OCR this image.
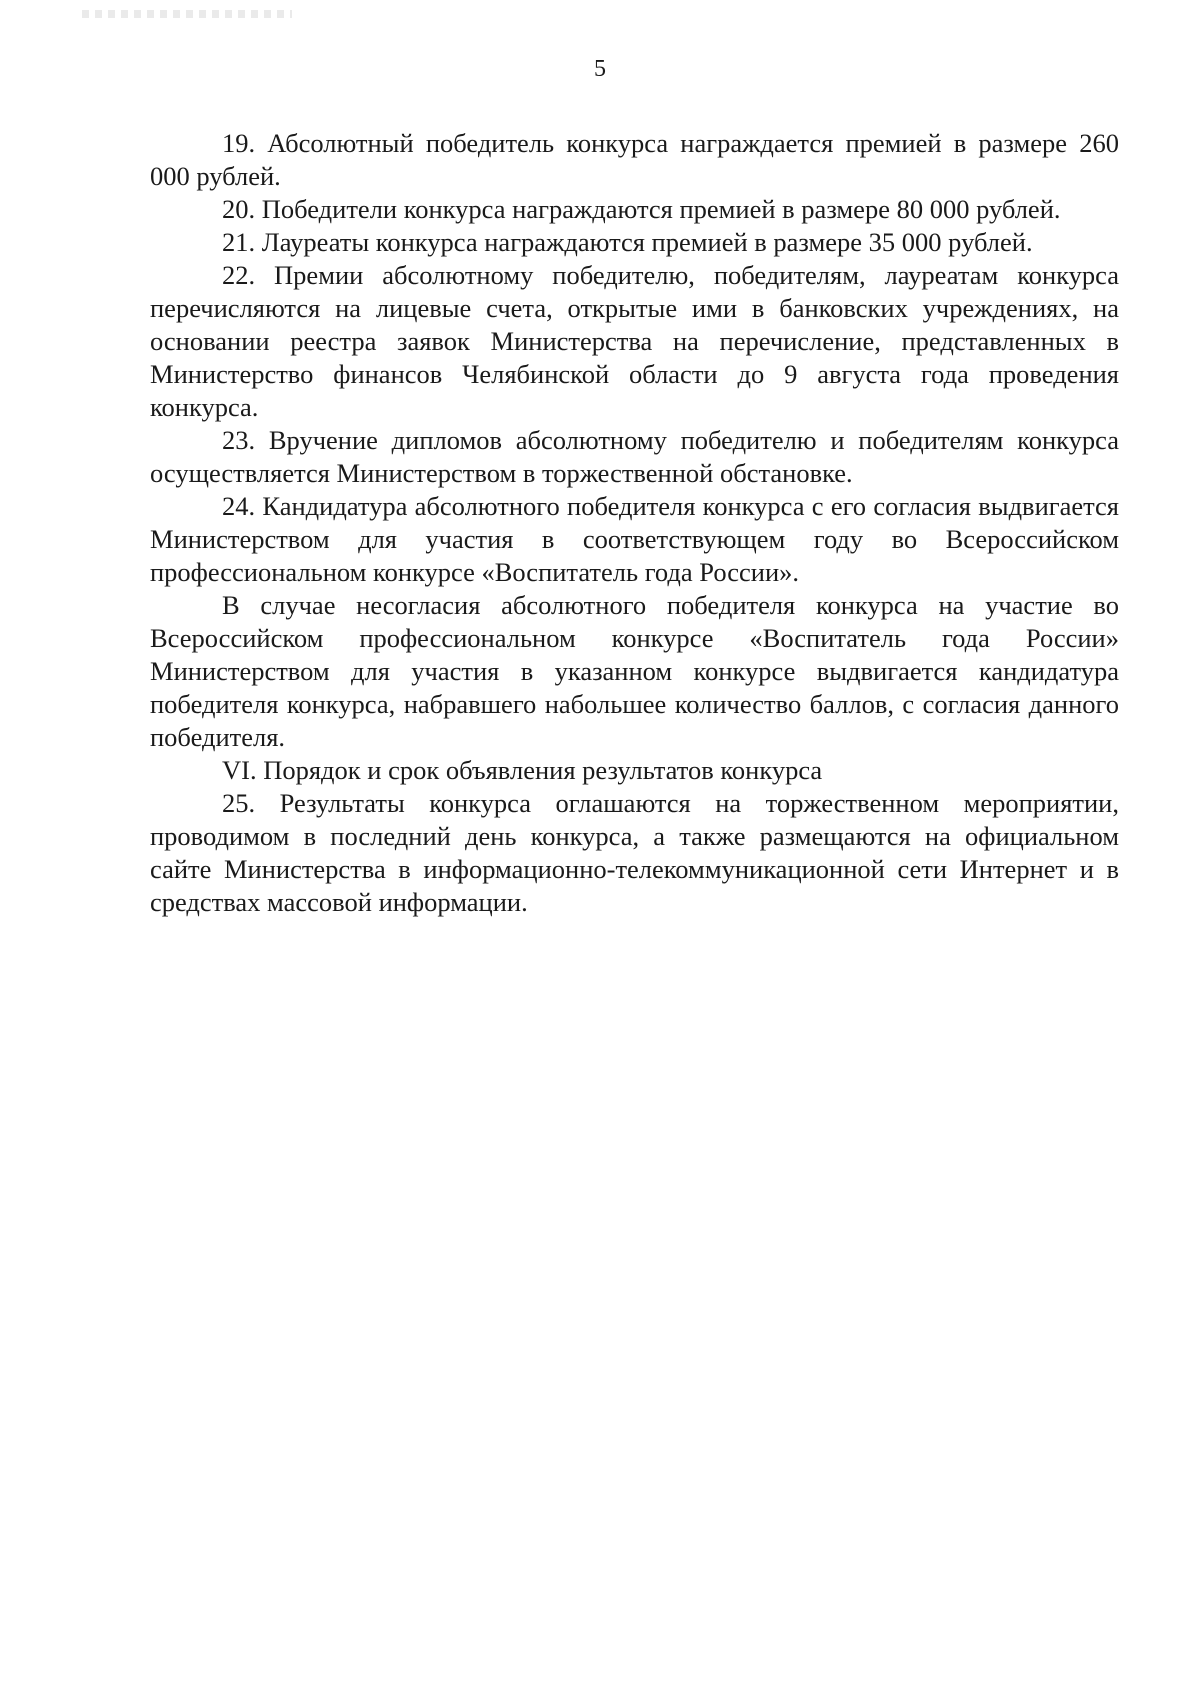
5

19. Абсолютный победитель конкурса награждается премией в размере 260 000 рублей.

20. Победители конкурса награждаются премией в размере 80 000 рублей.

21. Лауреаты конкурса награждаются премией в размере 35 000 рублей.

22. Премии абсолютному победителю, победителям, лауреатам конкурса перечисляются на лицевые счета, открытые ими в банковских учреждениях, на основании реестра заявок Министерства на перечисление, представленных в Министерство финансов Челябинской области до 9 августа года проведения конкурса.

23. Вручение дипломов абсолютному победителю и победителям конкурса осуществляется Министерством в торжественной обстановке.

24. Кандидатура абсолютного победителя конкурса с его согласия выдвигается Министерством для участия в соответствующем году во Всероссийском профессиональном конкурсе «Воспитатель года России».

В случае несогласия абсолютного победителя конкурса на участие во Всероссийском профессиональном конкурсе «Воспитатель года России» Министерством для участия в указанном конкурсе выдвигается кандидатура победителя конкурса, набравшего набольшее количество баллов, с согласия данного победителя.

VI. Порядок и срок объявления результатов конкурса

25. Результаты конкурса оглашаются на торжественном мероприятии, проводимом в последний день конкурса, а также размещаются на официальном сайте Министерства в информационно-телекоммуникационной сети Интернет и в средствах массовой информации.
